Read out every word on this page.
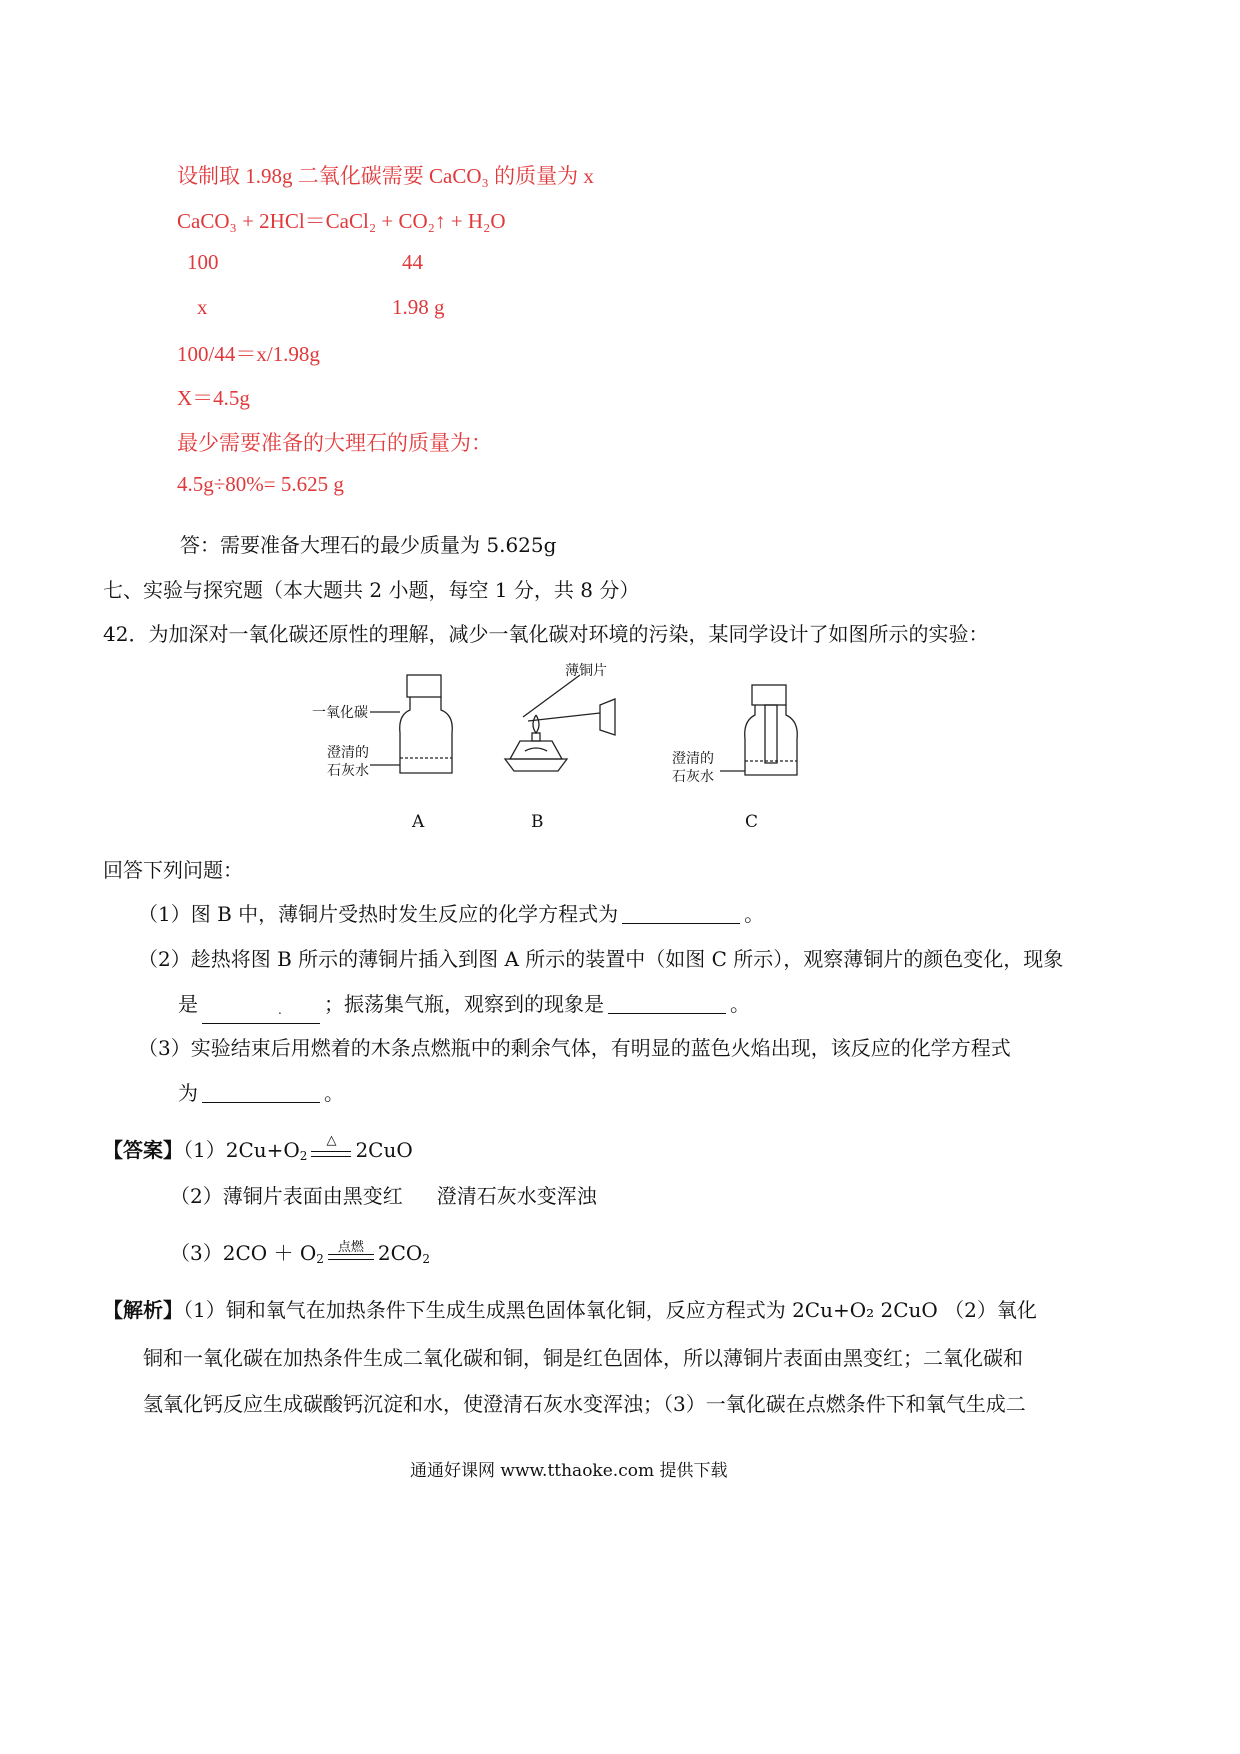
设制取 1.98g 二氧化碳需要 CaCO₃ 的质量为 x
CaCO₃ + 2HCl＝CaCl₂ + CO₂↑ + H₂O
100	44
x	1.98 g
100/44＝x/1.98g
X＝4.5g
最少需要准备的大理石的质量为：
4.5g÷80%= 5.625 g
答：需要准备大理石的最少质量为 5.625g
七、实验与探究题（本大题共 2 小题，每空 1 分，共 8 分）
42．为加深对一氧化碳还原性的理解，减少一氧化碳对环境的污染，某同学设计了如图所示的实验：
一氧化碳
澄清的
石灰水
薄铜片
澄清的
石灰水
A	B	C
回答下列问题：
（1）图 B 中，薄铜片受热时发生反应的化学方程式为	。
（2）趁热将图 B 所示的薄铜片插入到图 A 所示的装置中（如图 C 所示），观察薄铜片的颜色变化，现象
是	. ；振荡集气瓶，观察到的现象是	。
（3）实验结束后用燃着的木条点燃瓶中的剩余气体，有明显的蓝色火焰出现，该反应的化学方程式
为	。
【答案】$(1)2Cu+O_2$
△ 2CuO
（2）薄铜片表面由黑变红 澄清石灰水变浑浊
$(3)2CO + O_2$
点燃 $2CO_2$
【解析】（1）铜和氧气在加热条件下生成生成黑色固体氧化铜，反应方程式为 2Cu+O₂ 2CuO （2）氧化
铜和一氧化碳在加热条件生成二氧化碳和铜，铜是红色固体，所以薄铜片表面由黑变红；二氧化碳和
氢氧化钙反应生成碳酸钙沉淀和水，使澄清石灰水变浑浊；（3）一氧化碳在点燃条件下和氧气生成二
通通好课网 www.tthaoke.com 提供下载
